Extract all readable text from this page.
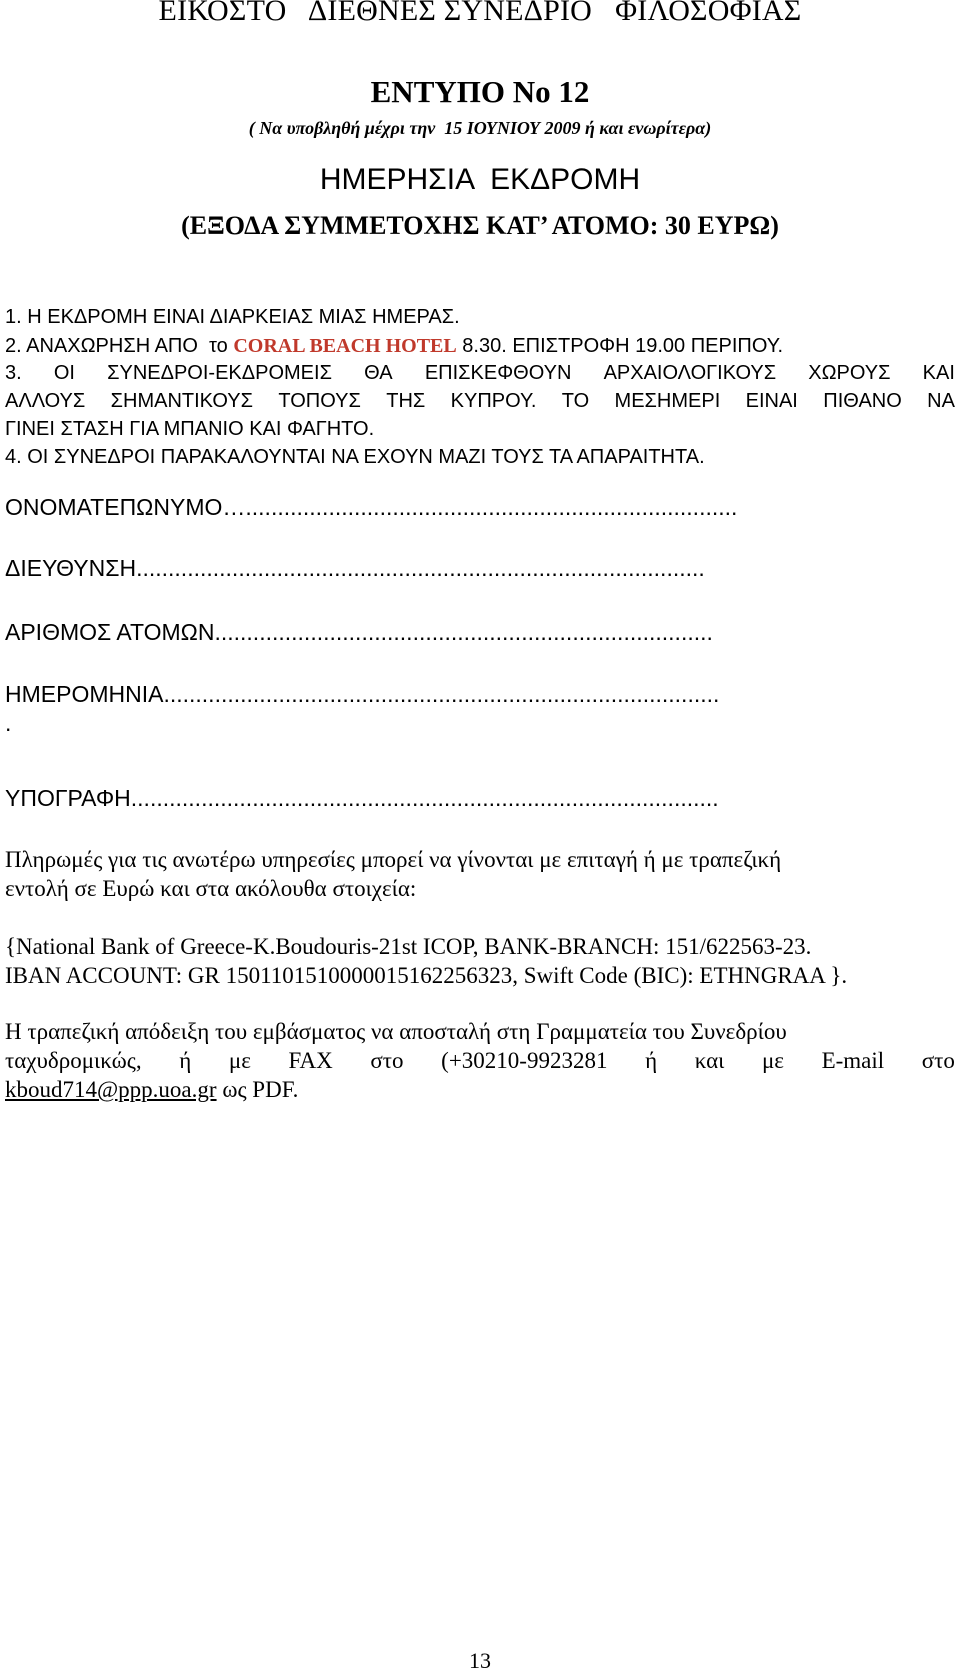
ΕΙΚΟΣΤΟ   ΔΙΕΘΝΕΣ ΣΥΝΕΔΡΙΟ   ΦΙΛΟΣΟΦΙΑΣ
ΕΝΤΥΠΟ Νο 12
( Να υποβληθή μέχρι την  15 ΙΟΥΝΙΟΥ 2009 ή και ενωρίτερα)
ΗΜΕΡΗΣΙΑ  ΕΚΔΡΟΜΗ
(ΕΞΟΔΑ ΣΥΜΜΕΤΟΧΗΣ ΚΑΤ’ ΑΤΟΜΟ: 30 ΕΥΡΩ)
1. Η ΕΚΔΡΟΜΗ ΕΙΝΑΙ ΔΙΑΡΚΕΙΑΣ ΜΙΑΣ ΗΜΕΡΑΣ.
2. ΑΝΑΧΩΡΗΣΗ ΑΠΟ  το CORAL BEACH HOTEL 8.30. ΕΠΙΣΤΡΟΦΗ 19.00 ΠΕΡΙΠΟΥ.
3. ΟΙ ΣΥΝΕΔΡΟΙ-ΕΚΔΡΟΜΕΙΣ ΘΑ ΕΠΙΣΚΕΦΘΟΥΝ ΑΡΧΑΙΟΛΟΓΙΚΟΥΣ ΧΩΡΟΥΣ ΚΑΙ
ΑΛΛΟΥΣ ΣΗΜΑΝΤΙΚΟΥΣ ΤΟΠΟΥΣ ΤΗΣ ΚΥΠΡΟΥ. ΤΟ ΜΕΣΗΜΕΡΙ ΕΙΝΑΙ ΠΙΘΑΝΟ ΝΑ
ΓΙΝΕΙ ΣΤΑΣΗ ΓΙΑ ΜΠΑΝΙΟ ΚΑΙ ΦΑΓΗΤΟ.
4. ΟΙ ΣΥΝΕΔΡΟΙ ΠΑΡΑΚΑΛΟΥΝΤΑΙ ΝΑ ΕΧΟΥΝ ΜΑΖΙ ΤΟΥΣ ΤΑ ΑΠΑΡΑΙΤΗΤΑ.
ΟΝΟΜΑΤΕΠΩΝΥΜΟ….............................................................................
ΔΙΕΥΘΥΝΣΗ.........................................................................................
ΑΡΙΘΜΟΣ ΑΤΟΜΩΝ..............................................................................
ΗΜΕΡΟΜΗΝΙΑ.......................................................................................
.
ΥΠΟΓΡΑΦΗ............................................................................................
Πληρωμές για τις ανωτέρω υπηρεσίες μπορεί να γίνονται με επιταγή ή με τραπεζική
εντολή σε Ευρώ και στα ακόλουθα στοιχεία:
{National Bank of Greece-K.Boudouris-21st ICOP, BANK-BRANCH: 151/622563-23.
IBAN ACCOUNT: GR 1501101510000015162256323, Swift Code (BIC): ETHNGRAA }.
Η τραπεζική απόδειξη του εμβάσματος να αποσταλή στη Γραμματεία του Συνεδρίου
ταχυδρομικώς, ή με FAX στο (+30210-9923281 ή και με E-mail στο
kboud714@ppp.uoa.gr ως PDF.
13
